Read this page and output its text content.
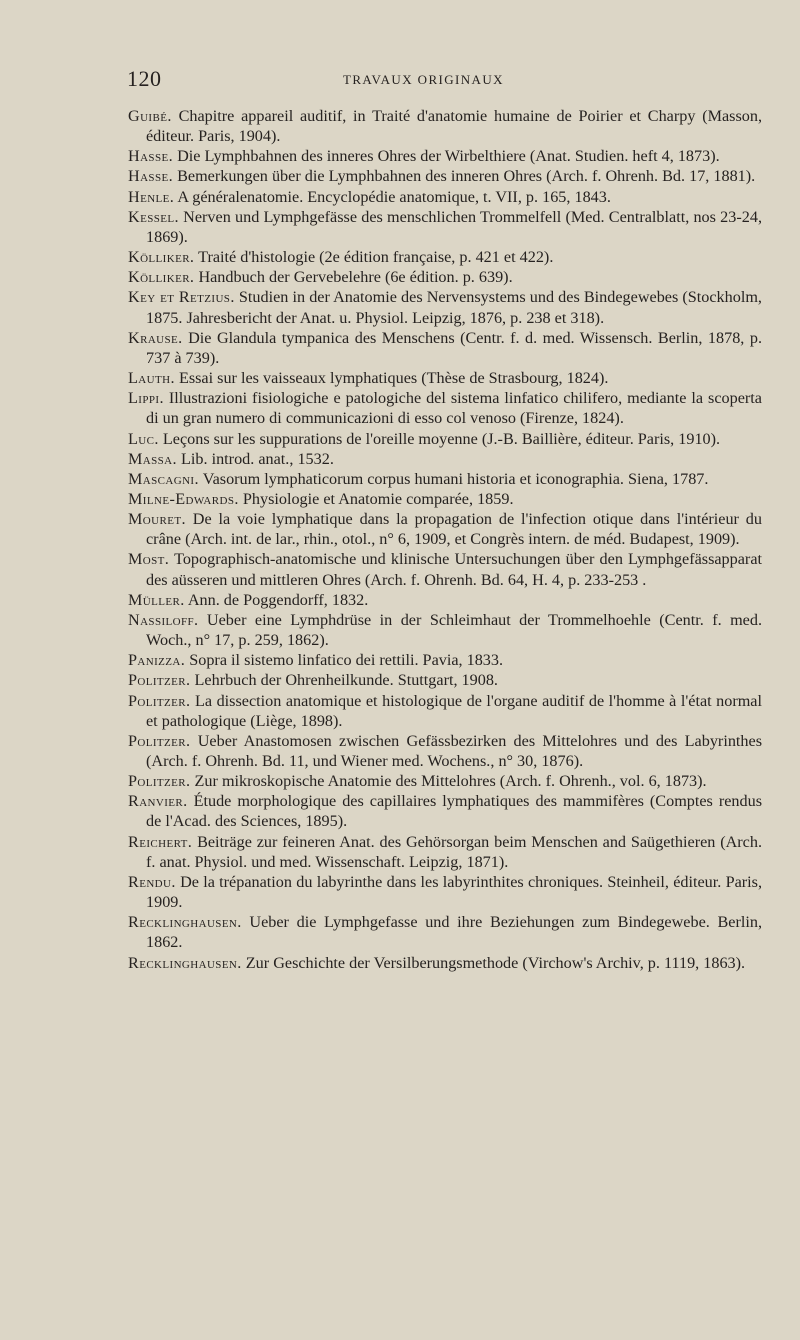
120	TRAVAUX ORIGINAUX

Guibé. Chapitre appareil auditif, in Traité d'anatomie humaine de Poirier et Charpy (Masson, éditeur. Paris, 1904).

Hasse. Die Lymphbahnen des inneres Ohres der Wirbelthiere (Anat. Studien. heft 4, 1873).

Hasse. Bemerkungen über die Lymphbahnen des inneren Ohres (Arch. f. Ohrenh. Bd. 17, 1881).

Henle. A généralenatomie. Encyclopédie anatomique, t. VII, p. 165, 1843.

Kessel. Nerven und Lymphgefässe des menschlichen Trommelfell (Med. Centralblatt, nos 23-24, 1869).

Kölliker. Traité d'histologie (2e édition française, p. 421 et 422).

Kölliker. Handbuch der Gervebelehre (6e édition. p. 639).

Key et Retzius. Studien in der Anatomie des Nervensystems und des Bindegewebes (Stockholm, 1875. Jahresbericht der Anat. u. Physiol. Leipzig, 1876, p. 238 et 318).

Krause. Die Glandula tympanica des Menschens (Centr. f. d. med. Wissensch. Berlin, 1878, p. 737 à 739).

Lauth. Essai sur les vaisseaux lymphatiques (Thèse de Strasbourg, 1824).

Lippi. Illustrazioni fisiologiche e patologiche del sistema linfatico chilifero, mediante la scoperta di un gran numero di communicazioni di esso col venoso (Firenze, 1824).

Luc. Leçons sur les suppurations de l'oreille moyenne (J.-B. Baillière, éditeur. Paris, 1910).

Massa. Lib. introd. anat., 1532.

Mascagni. Vasorum lymphaticorum corpus humani historia et iconographia. Siena, 1787.

Milne-Edwards. Physiologie et Anatomie comparée, 1859.

Mouret. De la voie lymphatique dans la propagation de l'infection otique dans l'intérieur du crâne (Arch. int. de lar., rhin., otol., n° 6, 1909, et Congrès intern. de méd. Budapest, 1909).

Most. Topographisch-anatomische und klinische Untersuchungen über den Lymphgefässapparat des aüsseren und mittleren Ohres (Arch. f. Ohrenh. Bd. 64, H. 4, p. 233-253 .

Müller. Ann. de Poggendorff, 1832.

Nassiloff. Ueber eine Lymphdrüse in der Schleimhaut der Trommelhoehle (Centr. f. med. Woch., n° 17, p. 259, 1862).

Panizza. Sopra il sistemo linfatico dei rettili. Pavia, 1833.

Politzer. Lehrbuch der Ohrenheilkunde. Stuttgart, 1908.

Politzer. La dissection anatomique et histologique de l'organe auditif de l'homme à l'état normal et pathologique (Liège, 1898).

Politzer. Ueber Anastomosen zwischen Gefässbezirken des Mittelohres und des Labyrinthes (Arch. f. Ohrenh. Bd. 11, und Wiener med. Wochens., n° 30, 1876).

Politzer. Zur mikroskopische Anatomie des Mittelohres (Arch. f. Ohrenh., vol. 6, 1873).

Ranvier. Étude morphologique des capillaires lymphatiques des mammifères (Comptes rendus de l'Acad. des Sciences, 1895).

Reichert. Beiträge zur feineren Anat. des Gehörsorgan beim Menschen and Saügethieren (Arch. f. anat. Physiol. und med. Wissenschaft. Leipzig, 1871).

Rendu. De la trépanation du labyrinthe dans les labyrinthites chroniques. Steinheil, éditeur. Paris, 1909.

Recklinghausen. Ueber die Lymphgefasse und ihre Beziehungen zum Bindegewebe. Berlin, 1862.

Recklinghausen. Zur Geschichte der Versilberungsmethode (Virchow's Archiv, p. 1119, 1863).
